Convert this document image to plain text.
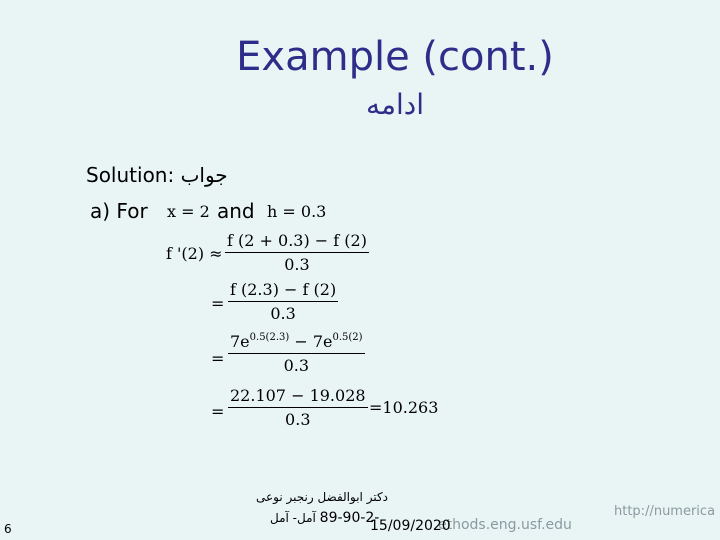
Example (cont.)
ادامه
Solution: جواب
a) For x = 2 and h = 0.3
f '(2) ≈
f (2 + 0.3) − f (2)
0.3
=
f (2.3) − f (2)
0.3
=
$7e^{0.5(2.3)} - 7e^{0.5(2)}$
0.3
=
22.107 − 19.028
0.3
=10.263
دکتر ابوالفضل رنجبر نوعی
آمل- آمل 89-90-2-	ethods.eng.usf.edu
15/09/2020
http://numerica
6
